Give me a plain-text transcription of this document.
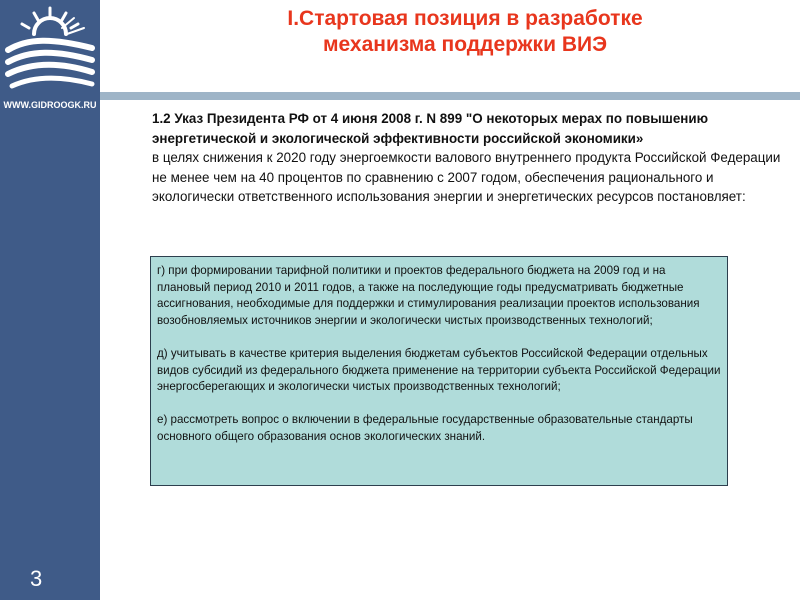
WWW.GIDROOGK.RU
3
I.Стартовая позиция в разработке
механизма поддержки ВИЭ
1.2 Указ Президента РФ от 4 июня 2008 г. N 899 "О некоторых мерах по повышению энергетической и экологической эффективности российской экономики»
в целях снижения к 2020 году энергоемкости валового внутреннего продукта Российской Федерации не менее чем на 40 процентов по сравнению с 2007 годом, обеспечения рационального и экологически ответственного использования энергии и энергетических ресурсов постановляет:

г) при формировании тарифной политики и проектов федерального бюджета на 2009 год и на плановый период 2010 и 2011 годов, а также на последующие годы предусматривать бюджетные ассигнования, необходимые для поддержки и стимулирования реализации проектов использования возобновляемых источников энергии и экологически чистых производственных технологий;

д) учитывать в качестве критерия выделения бюджетам субъектов Российской Федерации отдельных видов субсидий из федерального бюджета применение на территории субъекта Российской Федерации энергосберегающих и экологически чистых производственных технологий;

е) рассмотреть вопрос о включении в федеральные государственные образовательные стандарты основного общего образования основ экологических знаний.
